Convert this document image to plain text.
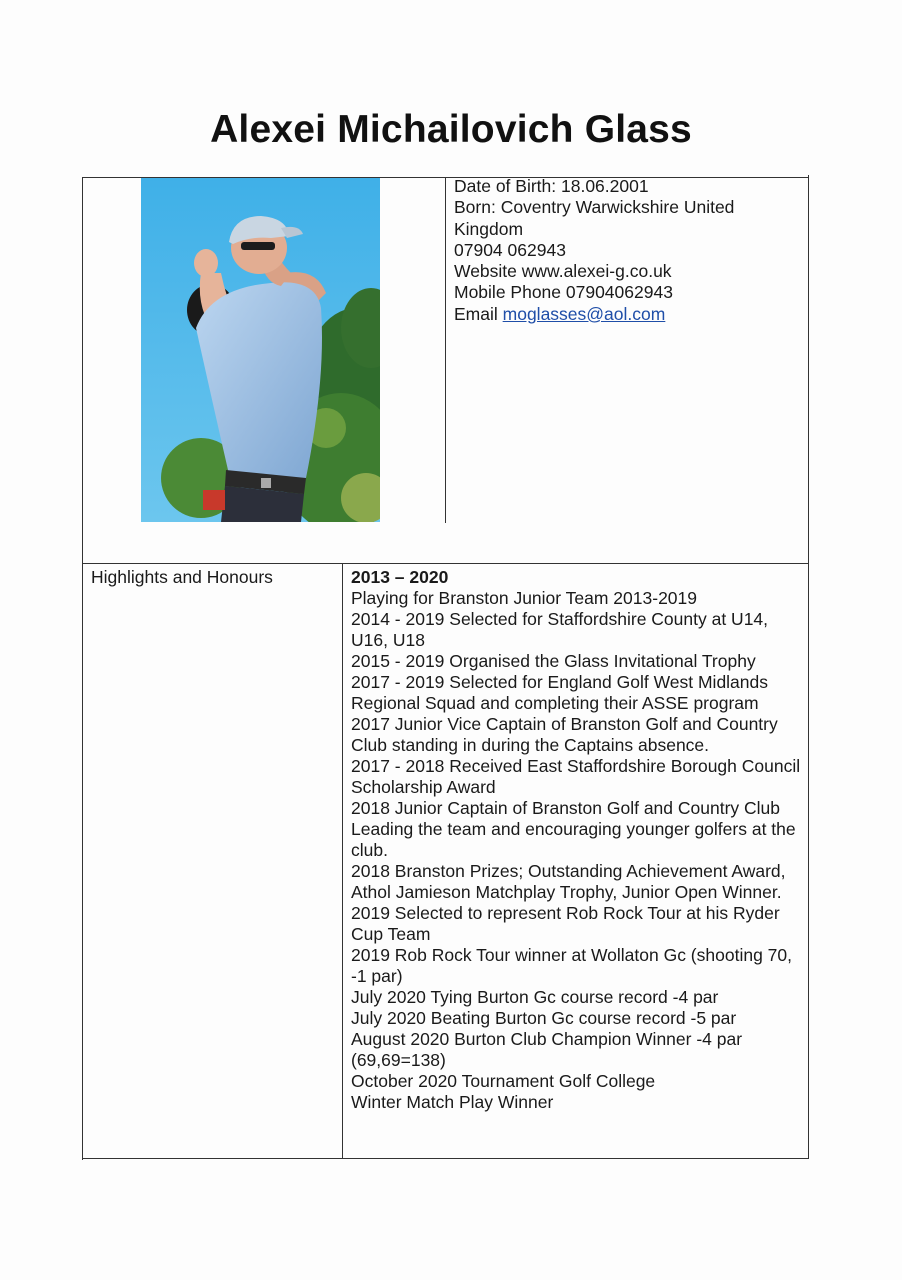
Alexei Michailovich Glass
Date of Birth: 18.06.2001
Born: Coventry Warwickshire United Kingdom
07904 062943
Website www.alexei-g.co.uk
Mobile Phone 07904062943
Email moglasses@aol.com
Highlights and Honours	2013 – 2020

Playing for Branston Junior Team 2013-2019

2014 - 2019 Selected for Staffordshire County at U14, U16, U18

2015 - 2019 Organised the Glass Invitational Trophy

2017 - 2019 Selected for England Golf West Midlands Regional Squad and completing their ASSE program

2017 Junior Vice Captain of Branston Golf and Country Club standing in during the Captains absence.

2017 - 2018 Received East Staffordshire Borough Council Scholarship Award

2018 Junior Captain of Branston Golf and Country Club Leading the team and encouraging younger golfers at the club.

2018 Branston Prizes; Outstanding Achievement Award, Athol Jamieson Matchplay Trophy, Junior Open Winner.

2019 Selected to represent Rob Rock Tour at his Ryder Cup Team

2019 Rob Rock Tour winner at Wollaton Gc (shooting 70, -1 par)

July 2020 Tying Burton Gc course record -4 par

July 2020 Beating Burton Gc course record -5 par

August 2020 Burton Club Champion Winner -4 par (69,69=138)

October 2020 Tournament Golf College

Winter Match Play Winner
